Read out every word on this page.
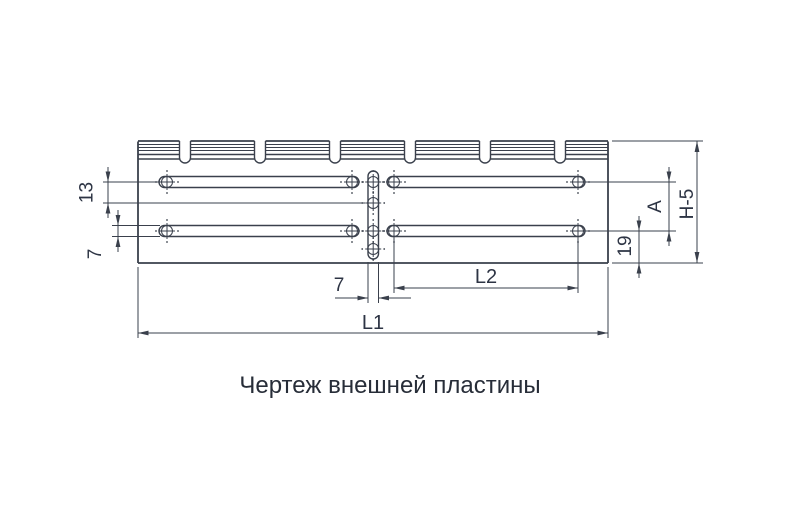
13
7
A
19
H-5
7	L2
L1
Чертеж внешней пластины
